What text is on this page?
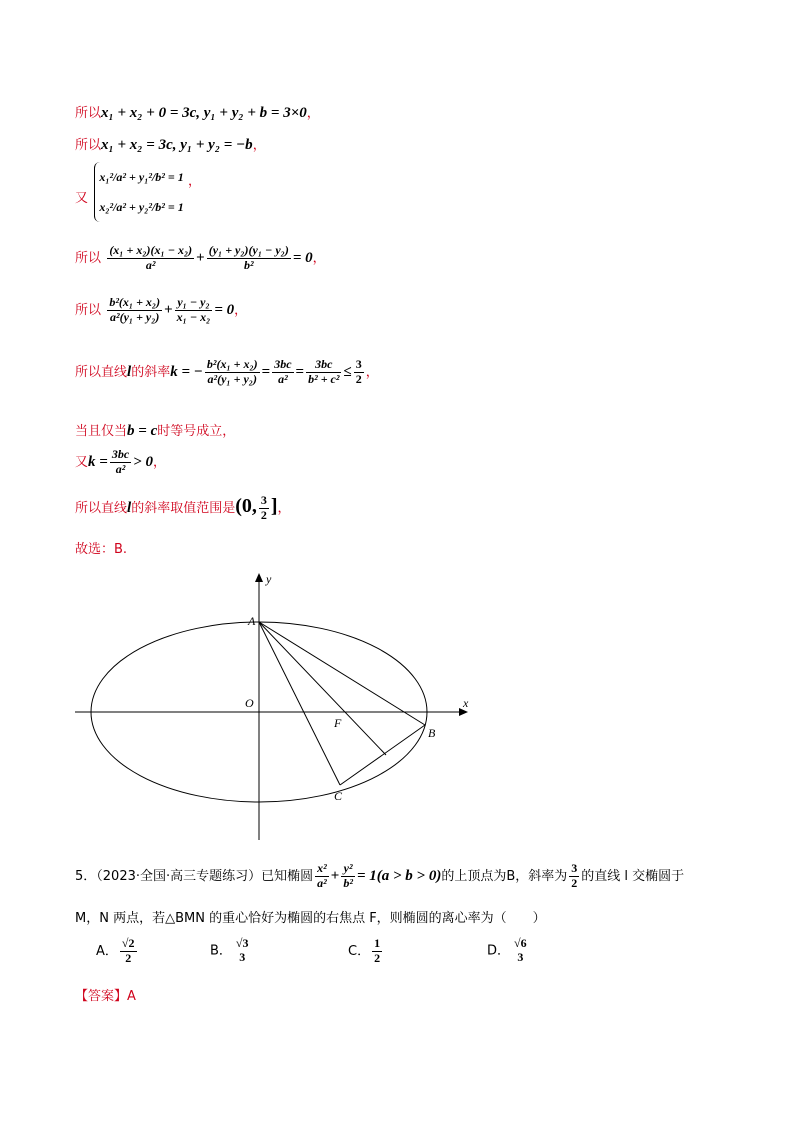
所以x₁ + x₂ + 0 = 3c, y₁ + y₂ + b = 3×0，
所以x₁ + x₂ = 3c, y₁ + y₂ = −b，
又
x₁²/a² + y₁²/b² = 1
x₂²/a² + y₂²/b² = 1
，
所以 $\frac{\text{(x₁ + x₂)(x₁ − x₂)}}{\text{a²}} + \frac{\text{(y₁ + y₂)(y₁ − y₂)}}{\text{b²}} = 0$，
所以 $\frac{\text{b²(x₁ + x₂)}}{\text{a²(y₁ + y₂)}} + \frac{\text{y₁ − y₂}}{\text{x₁ − x₂}} = 0$，
所以直线l的斜率k = − $\frac{\text{b²(x₁ + x₂)}}{\text{a²(y₁ + y₂)}} = \frac{3bc}{\text{a²}} = \frac{3bc}{\text{b² + c²}} \le \frac{3}{2}$ ，
当且仅当b = c时等号成立，
又$k = \frac{3bc}{\text{a²}} > 0$，
所以直线l的斜率取值范围是(0, $\frac{3}{2}$ ]，
故选：B.
y
x
A
O
F
B
C
5．（2023·全国·高三专题练习）已知椭圆 $\frac{\text{x²}}{\text{a²}} + \frac{\text{y²}}{\text{b²}} = 1(a > b > 0)$的上顶点为B，斜率为 $\frac{3}{2}$ 的直线 l 交椭圆于
M，N 两点，若△BMN 的重心恰好为椭圆的右焦点 F，则椭圆的离心率为（　　）
A． $\frac{√2}{2}$	B．
√3
3	C． $\frac{1}{2}$	D．
√6
3
【答案】A
